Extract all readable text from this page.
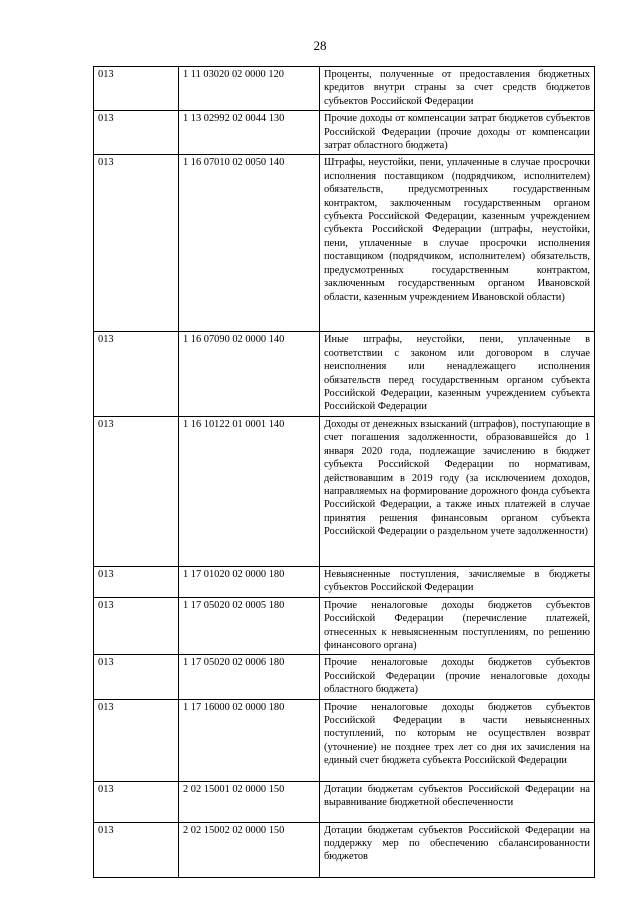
28
013	1 11 03020 02 0000 120	Проценты, полученные от предоставления бюджетных кредитов внутри страны за счет средств бюджетов субъектов Российской Федерации
013	1 13 02992 02 0044 130	Прочие доходы от компенсации затрат бюджетов субъектов Российской Федерации (прочие доходы от компенсации затрат областного бюджета)
013	1 16 07010 02 0050 140	Штрафы, неустойки, пени, уплаченные в случае просрочки исполнения поставщиком (подрядчиком, исполнителем) обязательств, предусмотренных государственным контрактом, заключенным государственным органом субъекта Российской Федерации, казенным учреждением субъекта Российской Федерации (штрафы, неустойки, пени, уплаченные в случае просрочки исполнения поставщиком (подрядчиком, исполнителем) обязательств, предусмотренных государственным контрактом, заключенным государственным органом Ивановской области, казенным учреждением Ивановской области)
013	1 16 07090 02 0000 140	Иные штрафы, неустойки, пени, уплаченные в соответствии с законом или договором в случае неисполнения или ненадлежащего исполнения обязательств перед государственным органом субъекта Российской Федерации, казенным учреждением субъекта Российской Федерации
013	1 16 10122 01 0001 140	Доходы от денежных взысканий (штрафов), поступающие в счет погашения задолженности, образовавшейся до 1 января 2020 года, подлежащие зачислению в бюджет субъекта Российской Федерации по нормативам, действовавшим в 2019 году (за исключением доходов, направляемых на формирование дорожного фонда субъекта Российской Федерации, а также иных платежей в случае принятия решения финансовым органом субъекта Российской Федерации о раздельном учете задолженности)
013	1 17 01020 02 0000 180	Невыясненные поступления, зачисляемые в бюджеты субъектов Российской Федерации
013	1 17 05020 02 0005 180	Прочие неналоговые доходы бюджетов субъектов Российской Федерации (перечисление платежей, отнесенных к невыясненным поступлениям, по решению финансового органа)
013	1 17 05020 02 0006 180	Прочие неналоговые доходы бюджетов субъектов Российской Федерации (прочие неналоговые доходы областного бюджета)
013	1 17 16000 02 0000 180	Прочие неналоговые доходы бюджетов субъектов Российской Федерации в части невыясненных поступлений, по которым не осуществлен возврат (уточнение) не позднее трех лет со дня их зачисления на единый счет бюджета субъекта Российской Федерации
013	2 02 15001 02 0000 150	Дотации бюджетам субъектов Российской Федерации на выравнивание бюджетной обеспеченности
013	2 02 15002 02 0000 150	Дотации бюджетам субъектов Российской Федерации на поддержку мер по обеспечению сбалансированности бюджетов
